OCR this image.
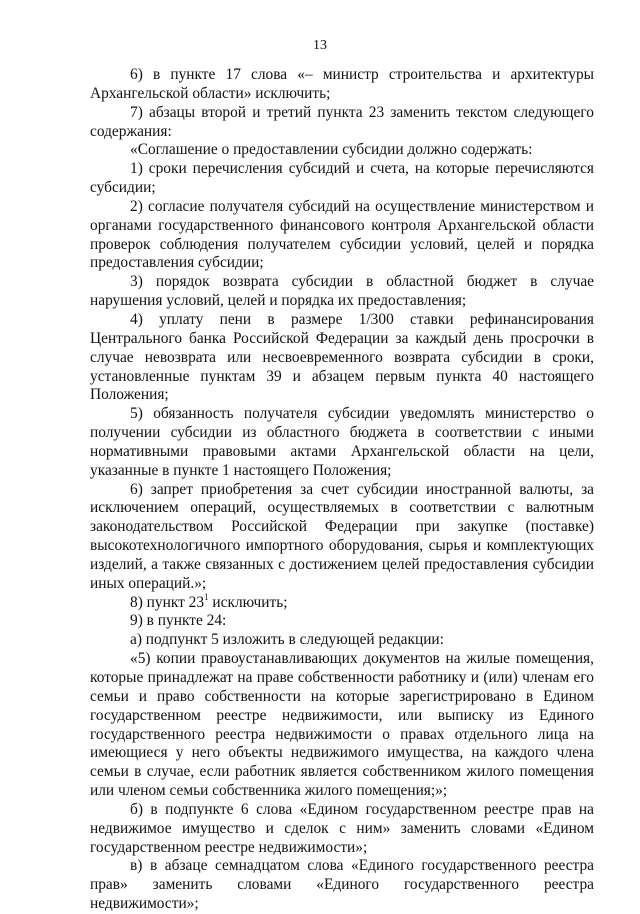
13

6) в пункте 17 слова «– министр строительства и архитектуры Архангельской области» исключить;

7) абзацы второй и третий пункта 23 заменить текстом следующего содержания:

«Соглашение о предоставлении субсидии должно содержать:

1) сроки перечисления субсидий и счета, на которые перечисляются субсидии;

2) согласие получателя субсидий на осуществление министерством и органами государственного финансового контроля Архангельской области проверок соблюдения получателем субсидии условий, целей и порядка предоставления субсидии;

3) порядок возврата субсидии в областной бюджет в случае нарушения условий, целей и порядка их предоставления;

4) уплату пени в размере 1/300 ставки рефинансирования Центрального банка Российской Федерации за каждый день просрочки в случае невозврата или несвоевременного возврата субсидии в сроки, установленные пунктам 39 и абзацем первым пункта 40 настоящего Положения;

5) обязанность получателя субсидии уведомлять министерство о получении субсидии из областного бюджета в соответствии с иными нормативными правовыми актами Архангельской области на цели, указанные в пункте 1 настоящего Положения;

6) запрет приобретения за счет субсидии иностранной валюты, за исключением операций, осуществляемых в соответствии с валютным законодательством Российской Федерации при закупке (поставке) высокотехнологичного импортного оборудования, сырья и комплектующих изделий, а также связанных с достижением целей предоставления субсидии иных операций.»;

8) пункт $23^1$ исключить;

9) в пункте 24:

а) подпункт 5 изложить в следующей редакции:

«5) копии правоустанавливающих документов на жилые помещения, которые принадлежат на праве собственности работнику и (или) членам его семьи и право собственности на которые зарегистрировано в Едином государственном реестре недвижимости, или выписку из Единого государственного реестра недвижимости о правах отдельного лица на имеющиеся у него объекты недвижимого имущества, на каждого члена семьи в случае, если работник является собственником жилого помещения или членом семьи собственника жилого помещения;»;

б) в подпункте 6 слова «Едином государственном реестре прав на недвижимое имущество и сделок с ним» заменить словами «Едином государственном реестре недвижимости»;

в) в абзаце семнадцатом слова «Единого государственного реестра прав» заменить словами «Единого государственного реестра недвижимости»;
